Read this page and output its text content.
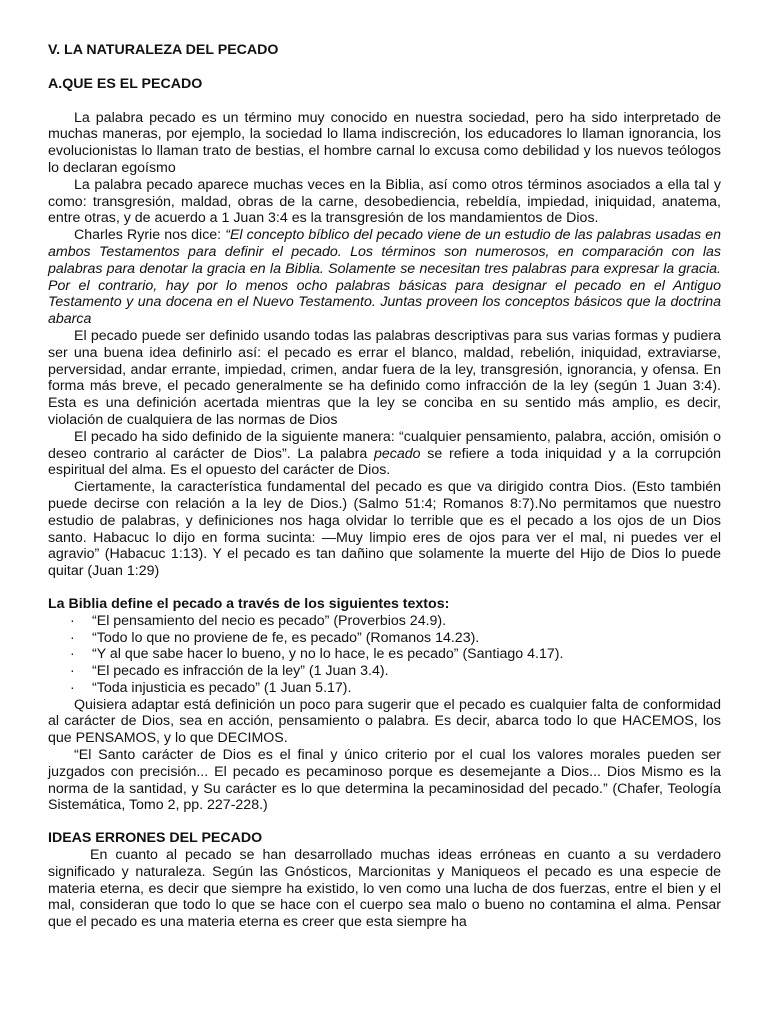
V. LA NATURALEZA DEL PECADO
A.QUE ES EL PECADO

La palabra pecado es un término muy conocido en nuestra sociedad, pero ha sido interpretado de muchas maneras, por ejemplo, la sociedad lo llama indiscreción, los educadores lo llaman ignorancia, los evolucionistas lo llaman trato de bestias, el hombre carnal lo excusa como debilidad y los nuevos teólogos lo declaran egoísmo

La palabra pecado aparece muchas veces en la Biblia, así como otros términos asociados a ella tal y como: transgresión, maldad, obras de la carne, desobediencia, rebeldía, impiedad, iniquidad, anatema, entre otras, y de acuerdo a 1 Juan 3:4 es la transgresión de los mandamientos de Dios.

Charles Ryrie nos dice: “El concepto bíblico del pecado viene de un estudio de las palabras usadas en ambos Testamentos para definir el pecado. Los términos son numerosos, en comparación con las palabras para denotar la gracia en la Biblia. Solamente se necesitan tres palabras para expresar la gracia. Por el contrario, hay por lo menos ocho palabras básicas para designar el pecado en el Antiguo Testamento y una docena en el Nuevo Testamento. Juntas proveen los conceptos básicos que la doctrina abarca

El pecado puede ser definido usando todas las palabras descriptivas para sus varias formas y pudiera ser una buena idea definirlo así: el pecado es errar el blanco, maldad, rebelión, iniquidad, extraviarse, perversidad, andar errante, impiedad, crimen, andar fuera de la ley, transgresión, ignorancia, y ofensa. En forma más breve, el pecado generalmente se ha definido como infracción de la ley (según 1 Juan 3:4). Esta es una definición acertada mientras que la ley se conciba en su sentido más amplio, es decir, violación de cualquiera de las normas de Dios

El pecado ha sido definido de la siguiente manera: “cualquier pensamiento, palabra, acción, omisión o deseo contrario al carácter de Dios”. La palabra pecado se refiere a toda iniquidad y a la corrupción espiritual del alma. Es el opuesto del carácter de Dios.

Ciertamente, la característica fundamental del pecado es que va dirigido contra Dios. (Esto también puede decirse con relación a la ley de Dios.) (Salmo 51:4; Romanos 8:7).No permitamos que nuestro estudio de palabras, y definiciones nos haga olvidar lo terrible que es el pecado a los ojos de un Dios santo. Habacuc lo dijo en forma sucinta: —Muy limpio eres de ojos para ver el mal, ni puedes ver el agravio” (Habacuc 1:13). Y el pecado es tan dañino que solamente la muerte del Hijo de Dios lo puede quitar (Juan 1:29)

La Biblia define el pecado a través de los siguientes textos:
· “El pensamiento del necio es pecado” (Proverbios 24.9).
· “Todo lo que no proviene de fe, es pecado” (Romanos 14.23).
· “Y al que sabe hacer lo bueno, y no lo hace, le es pecado” (Santiago 4.17).
· “El pecado es infracción de la ley” (1 Juan 3.4).
· “Toda injusticia es pecado” (1 Juan 5.17).

Quisiera adaptar está definición un poco para sugerir que el pecado es cualquier falta de conformidad al carácter de Dios, sea en acción, pensamiento o palabra. Es decir, abarca todo lo que HACEMOS, los que PENSAMOS, y lo que DECIMOS.

“El Santo carácter de Dios es el final y único criterio por el cual los valores morales pueden ser juzgados con precisión... El pecado es pecaminoso porque es desemejante a Dios... Dios Mismo es la norma de la santidad, y Su carácter es lo que determina la pecaminosidad del pecado.” (Chafer, Teología Sistemática, Tomo 2, pp. 227-228.)

IDEAS ERRONES DEL PECADO

En cuanto al pecado se han desarrollado muchas ideas erróneas en cuanto a su verdadero significado y naturaleza. Según las Gnósticos, Marcionitas y Maniqueos el pecado es una especie de materia eterna, es decir que siempre ha existido, lo ven como una lucha de dos fuerzas, entre el bien y el mal, consideran que todo lo que se hace con el cuerpo sea malo o bueno no contamina el alma. Pensar que el pecado es una materia eterna es creer que esta siempre ha
